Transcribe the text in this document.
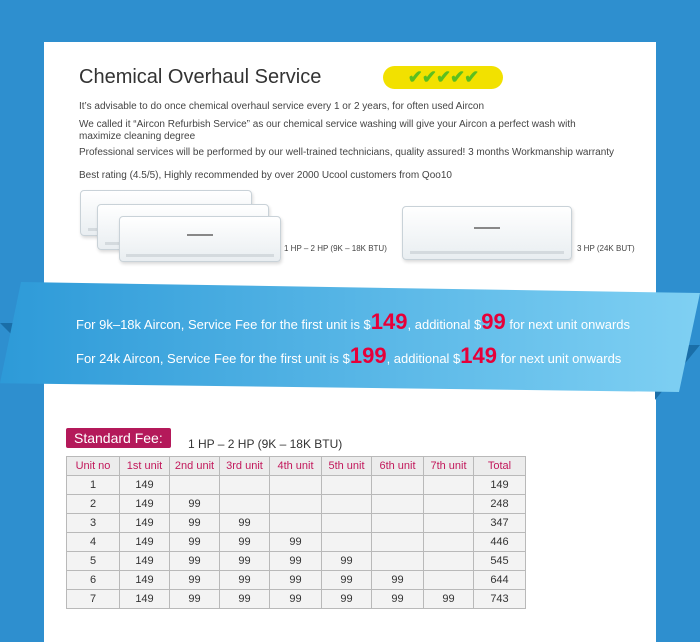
Chemical Overhaul Service	✔✔✔✔✔
It’s advisable to do once chemical overhaul service every 1 or 2 years, for often used Aircon
We called it “Aircon Refurbish Service” as our chemical service washing will give your Aircon a perfect wash with maximize cleaning degree
Professional services will be performed by our well-trained technicians, quality assured! 3 months Workmanship warranty
Best rating (4.5/5), Highly recommended by over 2000 Ucool customers from Qoo10
1 HP – 2 HP (9K – 18K BTU)	3 HP (24K BUT)
For 9k–18k Aircon, Service Fee for the first unit is $149, additional $99 for next unit onwards
For 24k Aircon, Service Fee for the first unit is $199, additional $149 for next unit onwards
Standard Fee:	1 HP – 2 HP (9K – 18K BTU)
Unit no	1st unit	2nd unit	3rd unit	4th unit	5th unit	6th unit	7th unit	Total
1	149							149
2	149	99						248
3	149	99	99					347
4	149	99	99	99				446
5	149	99	99	99	99			545
6	149	99	99	99	99	99		644
7	149	99	99	99	99	99	99	743
